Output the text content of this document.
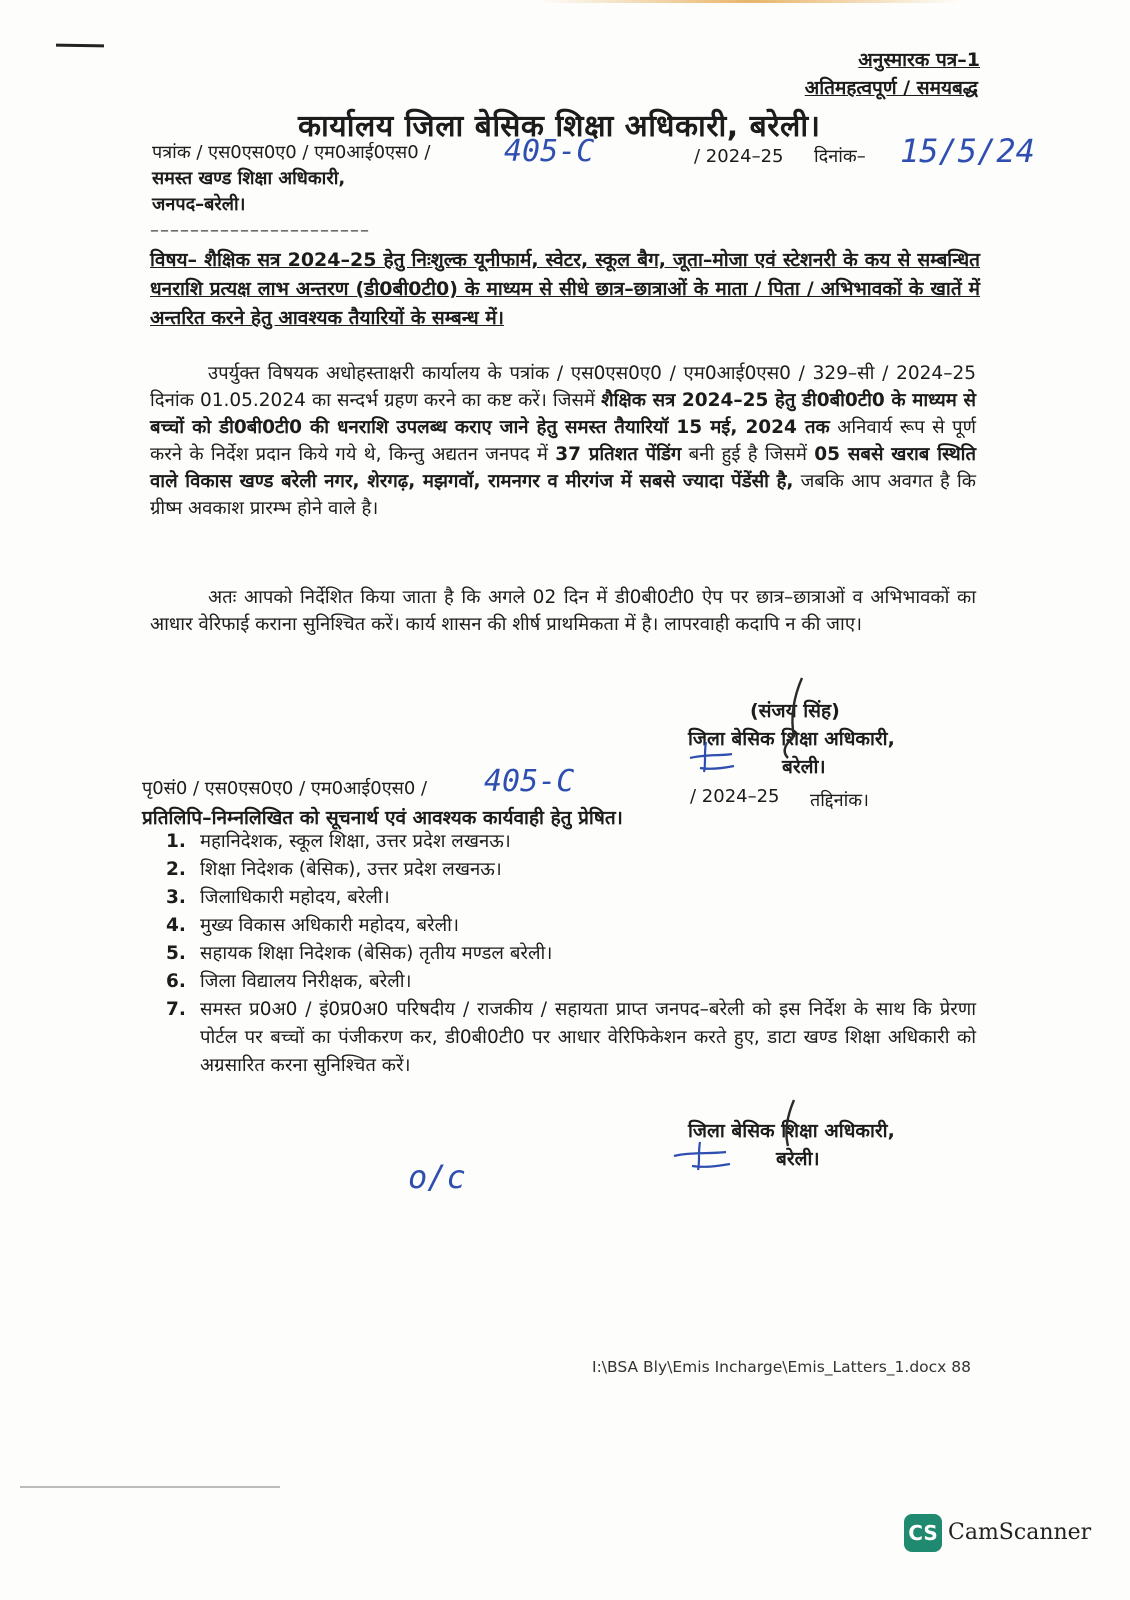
अनुस्मारक पत्र–1
अतिमहत्वपूर्ण / समयबद्ध
कार्यालय जिला बेसिक शिक्षा अधिकारी, बरेली।
पत्रांक / एस0एस0ए0 / एम0आई0एस0 / 405-C	/ 2024–25 दिनांक– 15/5/24
समस्त खण्ड शिक्षा अधिकारी,
जनपद–बरेली।
––––––––––––––––––––––
विषय– शैक्षिक सत्र 2024–25 हेतु निःशुल्क यूनीफार्म, स्वेटर, स्कूल बैग, जूता–मोजा एवं स्टेशनरी के कय से सम्बन्धित धनराशि प्रत्यक्ष लाभ अन्तरण (डी0बी0टी0) के माध्यम से सीधे छात्र–छात्राओं के माता / पिता / अभिभावकों के खातें में अन्तरित करने हेतु आवश्यक तैयारियों के सम्बन्ध में।
उपर्युक्त विषयक अधोहस्ताक्षरी कार्यालय के पत्रांक / एस0एस0ए0 / एम0आई0एस0 / 329–सी / 2024–25 दिनांक 01.05.2024 का सन्दर्भ ग्रहण करने का कष्ट करें। जिसमें शैक्षिक सत्र 2024–25 हेतु डी0बी0टी0 के माध्यम से बच्चों को डी0बी0टी0 की धनराशि उपलब्ध कराए जाने हेतु समस्त तैयारियॉ 15 मई, 2024 तक अनिवार्य रूप से पूर्ण करने के निर्देश प्रदान किये गये थे, किन्तु अद्यतन जनपद में 37 प्रतिशत पेंडिंग बनी हुई है जिसमें 05 सबसे खराब स्थिति वाले विकास खण्ड बरेली नगर, शेरगढ़, मझगवॉ, रामनगर व मीरगंज में सबसे ज्यादा पेंडेंसी है, जबकि आप अवगत है कि ग्रीष्म अवकाश प्रारम्भ होने वाले है।
अतः आपको निर्देशित किया जाता है कि अगले 02 दिन में डी0बी0टी0 ऐप पर छात्र–छात्राओं व अभिभावकों का आधार वेरिफाई कराना सुनिश्चित करें। कार्य शासन की शीर्ष प्राथमिकता में है। लापरवाही कदापि न की जाए।
(संजय सिंह)
जिला बेसिक शिक्षा अधिकारी,
बरेली।
पृ0सं0 / एस0एस0ए0 / एम0आई0एस0 / 405-C	/ 2024–25 तद्दिनांक।
प्रतिलिपि–निम्नलिखित को सूचनार्थ एवं आवश्यक कार्यवाही हेतु प्रेषित।
1. महानिदेशक, स्कूल शिक्षा, उत्तर प्रदेश लखनऊ।
2. शिक्षा निदेशक (बेसिक), उत्तर प्रदेश लखनऊ।
3. जिलाधिकारी महोदय, बरेली।
4. मुख्य विकास अधिकारी महोदय, बरेली।
5. सहायक शिक्षा निदेशक (बेसिक) तृतीय मण्डल बरेली।
6. जिला विद्यालय निरीक्षक, बरेली।
7. समस्त प्र0अ0 / इं0प्र0अ0 परिषदीय / राजकीय / सहायता प्राप्त जनपद–बरेली को इस निर्देश के साथ कि प्रेरणा पोर्टल पर बच्चों का पंजीकरण कर, डी0बी0टी0 पर आधार वेरिफिकेशन करते हुए, डाटा खण्ड शिक्षा अधिकारी को अग्रसारित करना सुनिश्चित करें।
जिला बेसिक शिक्षा अधिकारी,
बरेली।
o/c
I:\BSA Bly\Emis Incharge\Emis_Latters_1.docx 88
CS CamScanner
